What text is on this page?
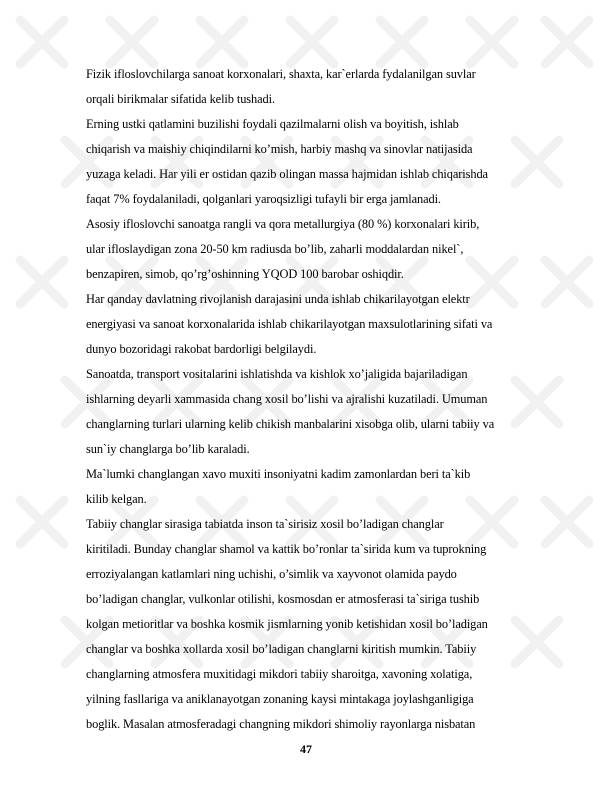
Fizik ifloslovchilarga sanoat korxonalari, shaxta, kar`erlarda fydalanilgan suvlar
orqali birikmalar sifatida kelib tushadi.
Erning ustki qatlamini buzilishi foydali qazilmalarni olish va boyitish, ishlab
chiqarish va maishiy chiqindilarni ko’mish, harbiy mashq va sinovlar natijasida
yuzaga keladi. Har yili er ostidan qazib olingan massa hajmidan ishlab chiqarishda
faqat 7% foydalaniladi, qolganlari yaroqsizligi tufayli bir erga jamlanadi.
Asosiy ifloslovchi sanoatga rangli va qora metallurgiya (80 %) korxonalari kirib,
ular ifloslaydigan zona 20-50 km radiusda bo’lib, zaharli moddalardan nikel`,
benzapiren, simob, qo’rg’oshinning YQOD 100 barobar oshiqdir.
Har qanday davlatning rivojlanish darajasini unda ishlab chikarilayotgan elektr
energiyasi va sanoat korxonalarida ishlab chikarilayotgan maxsulotlarining sifati va
dunyo bozoridagi rakobat bardorligi belgilaydi.
Sanoatda, transport vositalarini ishlatishda va kishlok xo’jaligida bajariladigan
ishlarning deyarli xammasida chang xosil bo’lishi va ajralishi kuzatiladi. Umuman
changlarning turlari ularning kelib chikish manbalarini xisobga olib, ularni tabiiy va
sun`iy changlarga bo’lib karaladi.
Ma`lumki changlangan xavo muxiti insoniyatni kadim zamonlardan beri ta`kib
kilib kelgan.
Tabiiy changlar sirasiga tabiatda inson ta`sirisiz xosil bo’ladigan changlar
kiritiladi. Bunday changlar shamol va kattik bo’ronlar ta`sirida kum va tuprokning
erroziyalangan katlamlari ning uchishi, o’simlik va xayvonot olamida paydo
bo’ladigan changlar, vulkonlar otilishi, kosmosdan er atmosferasi ta`siriga tushib
kolgan metioritlar va boshka kosmik jismlarning yonib ketishidan xosil bo’ladigan
changlar va boshka xollarda xosil bo’ladigan changlarni kiritish mumkin. Tabiiy
changlarning atmosfera muxitidagi mikdori tabiiy sharoitga, xavoning xolatiga,
yilning fasllariga va aniklanayotgan zonaning kaysi mintakaga joylashganligiga
boglik. Masalan atmosferadagi changning mikdori shimoliy rayonlarga nisbatan
47
